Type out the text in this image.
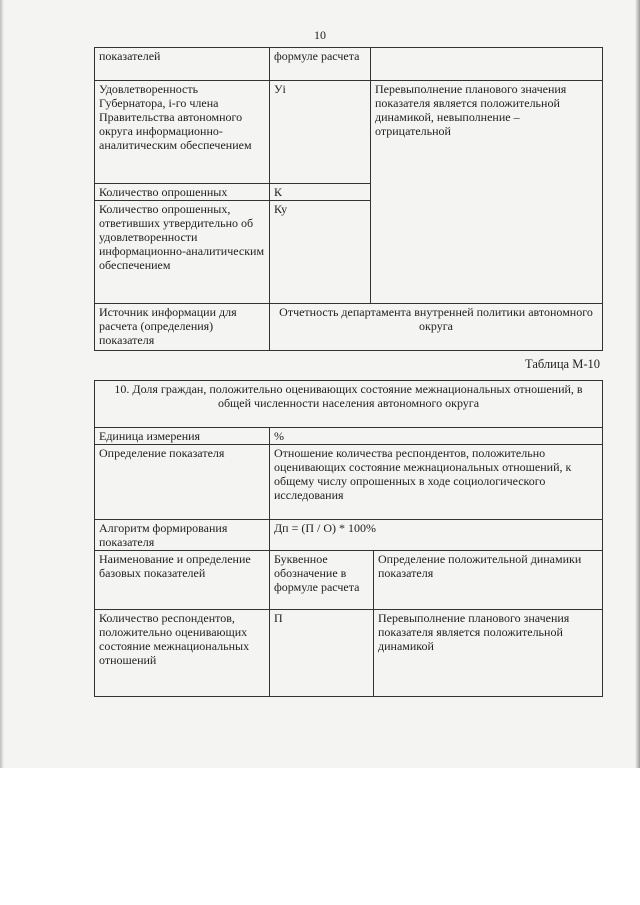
10
показателей	формуле расчета	
Удовлетворенность Губернатора, i-го члена Правительства автономного округа информационно-аналитическим обеспечением	Уi	Перевыполнение планового значения показателя является положительной динамикой, невыполнение – отрицательной
Количество опрошенных	К	
Количество опрошенных, ответивших утвердительно об удовлетворенности информационно-аналитическим обеспечением	Ку	
Источник информации для расчета (определения) показателя	Отчетность департамента внутренней политики автономного округа	
Таблица М-10
10. Доля граждан, положительно оценивающих состояние межнациональных отношений, в общей численности населения автономного округа		
Единица измерения	%	
Определение показателя	Отношение количества респондентов, положительно оценивающих состояние межнациональных отношений, к общему числу опрошенных в ходе социологического исследования	
Алгоритм формирования показателя	Дп = (П / О) * 100%	
Наименование и определение базовых показателей	Буквенное обозначение в формуле расчета	Определение положительной динамики показателя
Количество респондентов, положительно оценивающих состояние межнациональных отношений	П	Перевыполнение планового значения показателя является положительной динамикой
